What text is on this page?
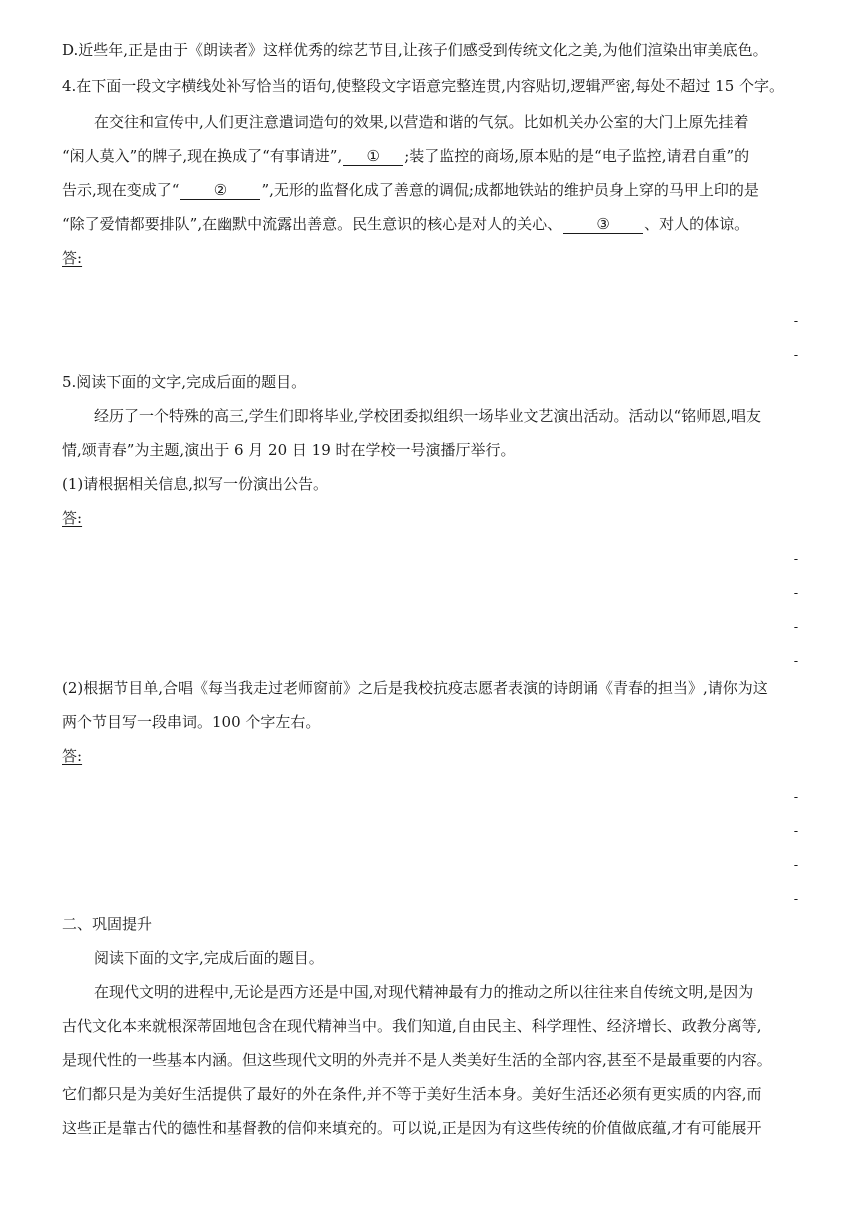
D.近些年,正是由于《朗读者》这样优秀的综艺节目,让孩子们感受到传统文化之美,为他们渲染出审美底色。
4.在下面一段文字横线处补写恰当的语句,使整段文字语意完整连贯,内容贴切,逻辑严密,每处不超过 15 个字。
在交往和宣传中,人们更注意遣词造句的效果,以营造和谐的气氛。比如机关办公室的大门上原先挂着
“闲人莫入”的牌子,现在换成了“有事请进”, ① ;装了监控的商场,原本贴的是“电子监控,请君自重”的
告示,现在变成了“ ② ”,无形的监督化成了善意的调侃;成都地铁站的维护员身上穿的马甲上印的是
“除了爱情都要排队”,在幽默中流露出善意。民生意识的核心是对人的关心、 ③ 、对人的体谅。
答:
-
-
5.阅读下面的文字,完成后面的题目。
经历了一个特殊的高三,学生们即将毕业,学校团委拟组织一场毕业文艺演出活动。活动以“铭师恩,唱友
情,颂青春”为主题,演出于 6 月 20 日 19 时在学校一号演播厅举行。
(1)请根据相关信息,拟写一份演出公告。
答:
-
-
-
-
(2)根据节目单,合唱《每当我走过老师窗前》之后是我校抗疫志愿者表演的诗朗诵《青春的担当》,请你为这
两个节目写一段串词。100 个字左右。
答:
-
-
-
-
二、巩固提升
阅读下面的文字,完成后面的题目。
在现代文明的进程中,无论是西方还是中国,对现代精神最有力的推动之所以往往来自传统文明,是因为
古代文化本来就根深蒂固地包含在现代精神当中。我们知道,自由民主、科学理性、经济增长、政教分离等,
是现代性的一些基本内涵。但这些现代文明的外壳并不是人类美好生活的全部内容,甚至不是最重要的内容。
它们都只是为美好生活提供了最好的外在条件,并不等于美好生活本身。美好生活还必须有更实质的内容,而
这些正是靠古代的德性和基督教的信仰来填充的。可以说,正是因为有这些传统的价值做底蕴,才有可能展开
